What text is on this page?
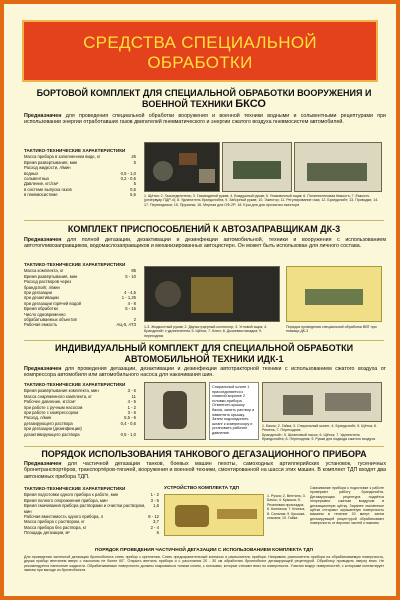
СРЕДСТВА СПЕЦИАЛЬНОЙ
ОБРАБОТКИ
БОРТОВОЙ КОМПЛЕКТ ДЛЯ СПЕЦИАЛЬНОЙ ОБРАБОТКИ ВООРУЖЕНИЯ И
ВОЕННОЙ ТЕХНИКИ БКСО
Предназначен для проведения специальной обработки вооружения и военной техники водными и сольвентными рецептурами при использовании энергии отработавших газов двигателей пневматического и энергии сжатого воздуха пневмосистем автомобилей.
ТАКТИКО-ТЕХНИЧЕСКИЕ ХАРАКТЕРИСТИКИ
Масса прибора в заполненном виде, кг	26
Время развертывания, мин	5
Расход жидкости, л/мин
водных	0,5 - 1,0
сольвентных	0,2 - 0,6
Давление, кгс/см²	5
в системе выпуска газов	0,5
в пневмосистеме	5,5 1. Щётки; 2. Газоотделитель; 3. Газоводяной рукав; 4. Воздушный рукав; 5. Упаковочный ящик; 6. Полиэтиленовая ёмкость; 7. Ёмкость (резервуар ПДР-4); 8. Удлинитель брандспойта; 9. Заборный рукав; 10. Эжектор; 11. Регулирование газа; 12. Брандспойт; 13. Проводки; 14. 17. Переходники; 15. Пружины; 16. Мерная для ОФ-2Р; 18. Ерш для для прочистки эжектора
КОМПЛЕКТ ПРИСПОСОБЛЕНИЙ К АВТОЗАПРАВЩИКАМ ДК-3
Предназначен для полной дегазации, дезактивации и дезинфекции автомобильной, техники и вооружения с использованием автотопливозаправщиков, водомаслозаправщиков и механизированных автоцистерн. Он может быть использован для личного состава.
ТАКТИКО-ТЕХНИЧЕСКИЕ ХАРАКТЕРИСТИКИ
Масса комплекта, кг	85
Время развёртывания, мин	5 - 10
Расход растворов через
брандспойт, л/мин
при дегазации	4 - 4,5
при дезактивации	1 - 1,25
при дегазации горячей водой	4 - 8
Время обработки	5 - 15
Число одновременно
обрабатываемых объектов	2
Рабочая емкость	АЦ-5, АТЗ 1-3. Жидкостный рукав; 2. Двухштуцерный коллектор; 3. Угловой ящик; 4. Брандспойт с удлинителем; 5. Щётки; 7. Ключ; 8. Дышевая насадка; 9. переходник
Порядок проведения специальной обработки ВВТ при помощи ДК-3
ИНДИВИДУАЛЬНЫЙ КОМПЛЕКТ ДЛЯ СПЕЦИАЛЬНОЙ ОБРАБОТКИ
АВТОМОБИЛЬНОЙ ТЕХНИКИ ИДК-1
Предназначен для проведения дегазации, дезактивации и дезинфекции автотракторной техники с использованием сжатого воздуха от компрессора автомобиля или автомобильного насоса для накачивания шин.
ТАКТИКО-ТЕХНИЧЕСКИЕ ХАРАКТЕРИСТИКИ
Время развёртывания комплекта, мин	3 - 5
Масса снаряженного комплекта, кг	11
Рабочее давление, кгс/см²	4 - 5
при работе с ручным насосом	1 - 2
при работе с компрессором	3 - 5
Расход, л/мин	5,5 - 6
дегазирующего раствора	0,4 - 0,6
при дегазации (дезинфекции)
дезактивирующего раствора	0,5 - 1,0
Спиральный шланг 1 присоединяется к сливной воронке 2 головки-прибора. Отвинтить крышку бачка, залить раствор и навинтить крышку. Затем подсоединить шланг к компрессору и установить рабочее давление.
1. Бачок; 2. Гайка; 3. Спиральный шланг; 4. Брандспойт; 5. Щётка; 6. Ремень; 7. Переходник
Брандспойт; 5. Шланговый насос; 6. Щётка; 7. Удлинитель брандспойта; 8. Переходник; 9. Рукав для подвода сжатого воздуха
ПОРЯДОК ИСПОЛЬЗОВАНИЯ ТАНКОВОГО ДЕГАЗАЦИОННОГО ПРИБОРА
Предназначен для частичной дегазации танков, боевых машин пехоты, самоходных артиллерийских установок, гусеничных бронетранспортёров, транспортёров-тягачей, вооружения и военной техники, смонтированной на шасси этих машин. В комплект ТДП входят два автономных прибора ТДП.
ТАКТИКО-ТЕХНИЧЕСКИЕ ХАРАКТЕРИСТИКИ
Время подготовки одного прибора к работе, мин	1 - 2
Время полного опорожнения прибора, мин	3 - 5
Время смачивания прибора растворами и очистки раствором, мин
1,6
Рабочая вместимость одного прибора, л	8 - 12
Масса прибора с раствором, кг	3,7
Масса прибора без раствора, кг	2 - 4
Площадь дегазации, м²	6
УСТРОЙСТВО КОМПЛЕКТА ТДП
1. Ручка; 2. Вентиль; 3. Бачок; 4. Крышка; 5. Резиновая прокладка; 6. Колпачок; 7. Кнопка; 8. Сальник; 9. Крышка стакана; 10. Гайка
Смачивание прибора к подготовке к работе проверяют работу брандспойта. Дегазирующая рецептура подаётся непрерывно сжатым воздухом в дегазационную щётку. Заранее смоченные щётки оттирают окрашенную поверхность машины в течение 20 минут, затем дегазирующей рецептурой обрабатывают поверхность от верхних частей к нижним.
ПОРЯДОК ПРОВЕДЕНИЯ ЧАСТИЧНОЙ ДЕГАЗАЦИИ С ИСПОЛЬЗОВАНИЕМ КОМПЛЕКТА ТДП
Для проведения частичной дегазации бронеобъекта снять прибор с крепления. Снять предохранительный колпачок и распылитель прибора. Направить распылитель прибора на обрабатываемую поверхность, держа прибор вентилем вверх с наклоном не более 60°. Открыть вентиль прибора и с расстояния 20 - 30 см обработать бронеобъект дегазирующей рецептурой. Обработку проводить сверху вниз. Не рекомендуется нанесение жидкости. Обрабатываемые поверхности должны покрываться тонким слоем, с потоками, которые стекают вниз по поверхности. Участки вокруг поверхностей, с которыми контактирует экипаж при выходе из бронеобъекта.
